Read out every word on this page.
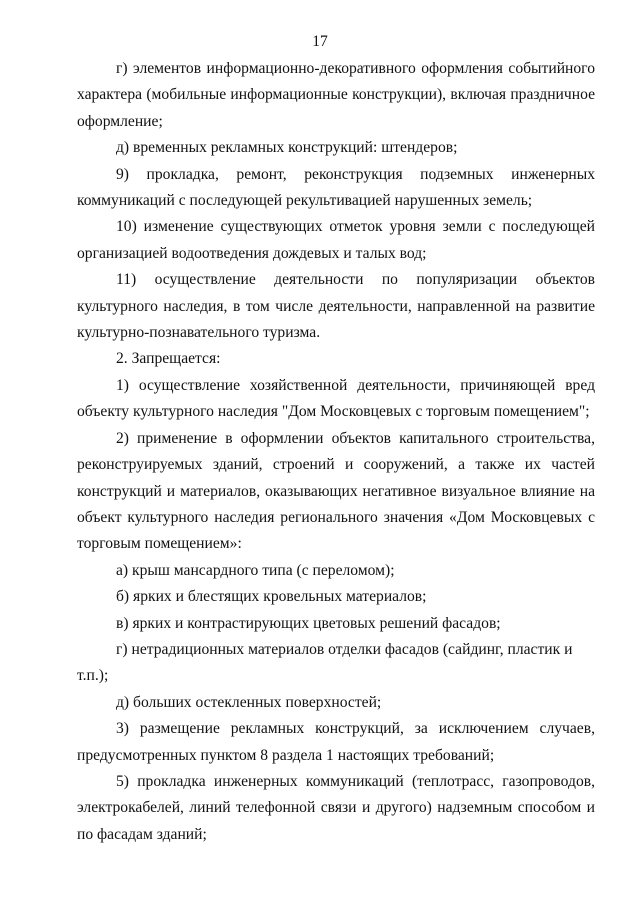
17

г) элементов информационно-декоративного оформления событийного характера (мобильные информационные конструкции), включая праздничное оформление;

д) временных рекламных конструкций: штендеров;

9) прокладка, ремонт, реконструкция подземных инженерных коммуникаций с последующей рекультивацией нарушенных земель;

10) изменение существующих отметок уровня земли с последующей организацией водоотведения дождевых и талых вод;

11) осуществление деятельности по популяризации объектов культурного наследия, в том числе деятельности, направленной на развитие культурно-познавательного туризма.

2. Запрещается:

1) осуществление хозяйственной деятельности, причиняющей вред объекту культурного наследия "Дом Московцевых с торговым помещением";

2) применение в оформлении объектов капитального строительства, реконструируемых зданий, строений и сооружений, а также их частей конструкций и материалов, оказывающих негативное визуальное влияние на объект культурного наследия регионального значения «Дом Московцевых с торговым помещением»:

а) крыш мансардного типа (с переломом);

б) ярких и блестящих кровельных материалов;

в) ярких и контрастирующих цветовых решений фасадов;

г) нетрадиционных материалов отделки фасадов (сайдинг, пластик и т.п.);

д) больших остекленных поверхностей;

3) размещение рекламных конструкций, за исключением случаев, предусмотренных пунктом 8 раздела 1 настоящих требований;

5) прокладка инженерных коммуникаций (теплотрасс, газопроводов, электрокабелей, линий телефонной связи и другого) надземным способом и по фасадам зданий;
